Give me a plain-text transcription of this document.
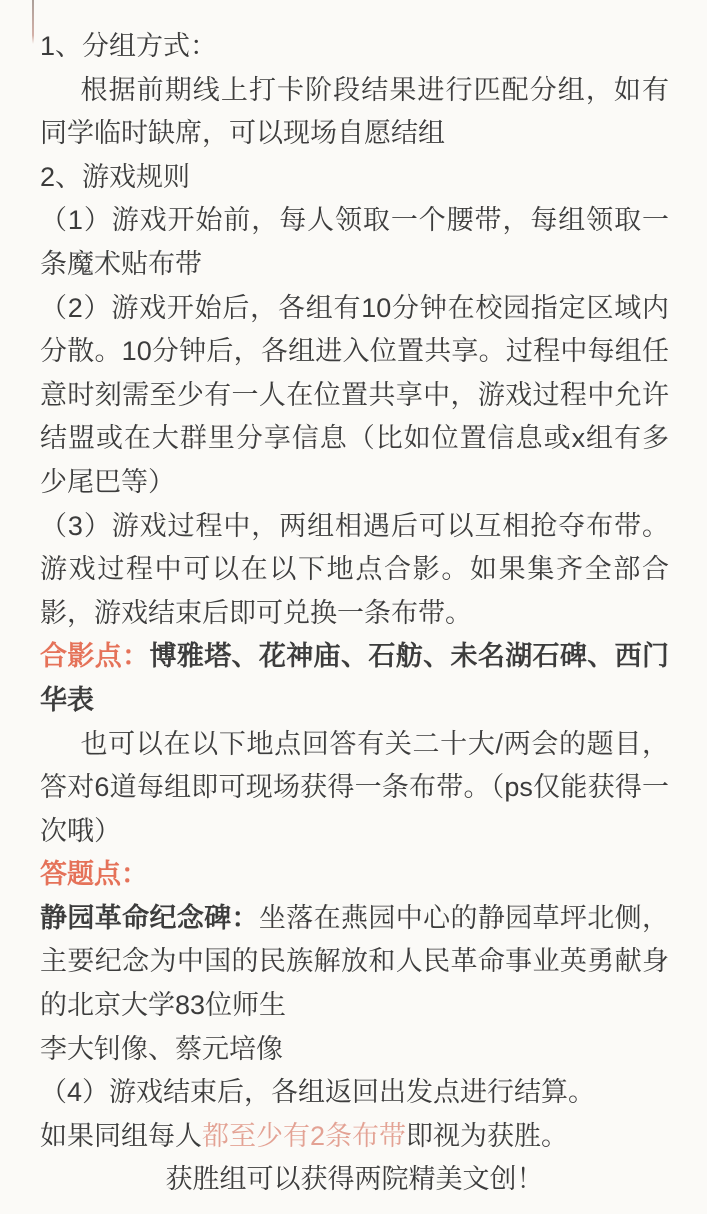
1、分组方式：

根据前期线上打卡阶段结果进行匹配分组，如有同学临时缺席，可以现场自愿结组

2、游戏规则

（1）游戏开始前，每人领取一个腰带，每组领取一条魔术贴布带

（2）游戏开始后，各组有10分钟在校园指定区域内分散。10分钟后，各组进入位置共享。过程中每组任意时刻需至少有一人在位置共享中，游戏过程中允许结盟或在大群里分享信息（比如位置信息或x组有多少尾巴等）

（3）游戏过程中，两组相遇后可以互相抢夺布带。游戏过程中可以在以下地点合影。如果集齐全部合影，游戏结束后即可兑换一条布带。

合影点：博雅塔、花神庙、石舫、未名湖石碑、西门华表

也可以在以下地点回答有关二十大/两会的题目，答对6道每组即可现场获得一条布带。（ps仅能获得一次哦）

答题点：

静园革命纪念碑：坐落在燕园中心的静园草坪北侧，主要纪念为中国的民族解放和人民革命事业英勇献身的北京大学83位师生

李大钊像、蔡元培像

（4）游戏结束后，各组返回出发点进行结算。

如果同组每人都至少有2条布带即视为获胜。

获胜组可以获得两院精美文创！
